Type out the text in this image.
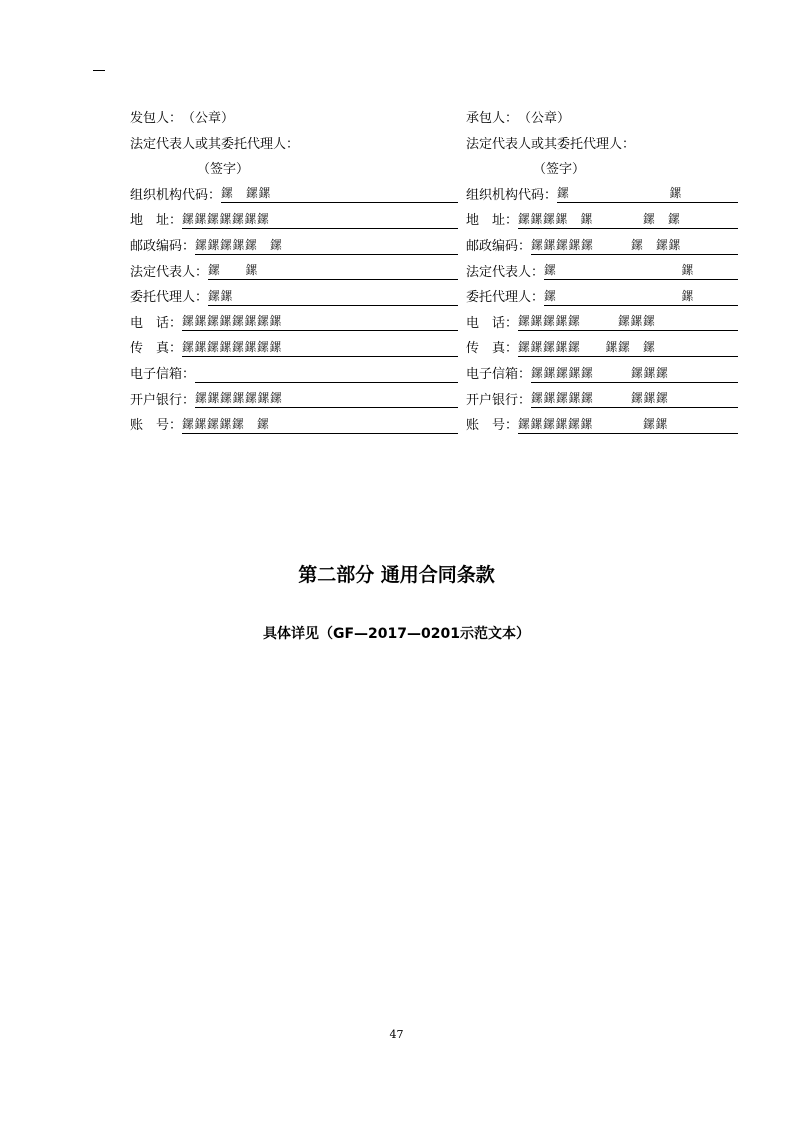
发包人：　（公章）
法定代表人或其委托代理人：
（签字）
组织机构代码： 鏍　鏍鏍
地　址： 鏍鏍鏍鏍鏍鏍鏍
邮政编码： 鏍鏍鏍鏍鏍　鏍
法定代表人： 鏍　　鏍
委托代理人： 鏍鏍
电　话： 鏍鏍鏍鏍鏍鏍鏍鏍
传　真： 鏍鏍鏍鏍鏍鏍鏍鏍
电子信箱：
开户银行： 鏍鏍鏍鏍鏍鏍鏍
账　号： 鏍鏍鏍鏍鏍　鏍
承包人：　（公章）
法定代表人或其委托代理人：
（签字）
组织机构代码： 鏍　　　　　　　　鏍
地　址： 鏍鏍鏍鏍　鏍　　　　鏍　鏍
邮政编码： 鏍鏍鏍鏍鏍　　　鏍　鏍鏍
法定代表人： 鏍　　　　　　　　　　鏍
委托代理人： 鏍　　　　　　　　　　鏍
电　话： 鏍鏍鏍鏍鏍　　　鏍鏍鏍
传　真： 鏍鏍鏍鏍鏍　　鏍鏍　鏍
电子信箱： 鏍鏍鏍鏍鏍　　　鏍鏍鏍
开户银行： 鏍鏍鏍鏍鏍　　　鏍鏍鏍
账　号： 鏍鏍鏍鏍鏍鏍　　　　鏍鏍
第二部分 通用合同条款
具体详见（GF—2017—0201示范文本）
47
